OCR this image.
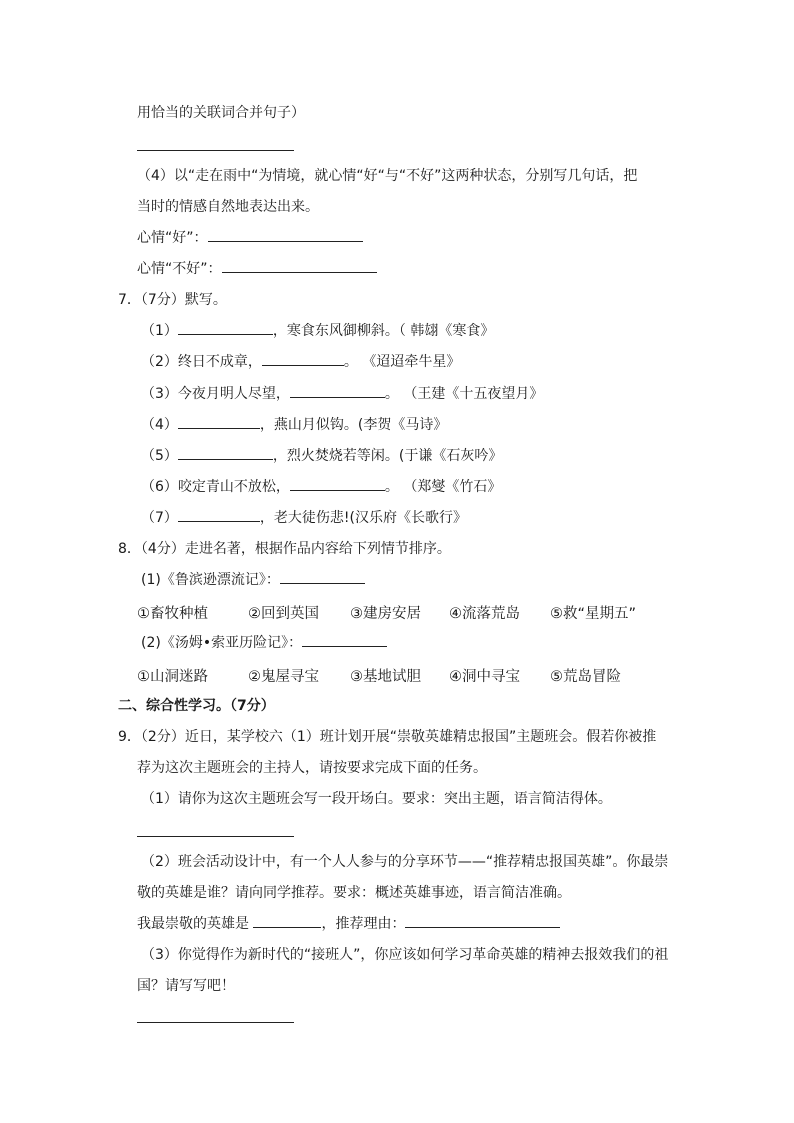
用恰当的关联词合并句子）
（4）以“走在雨中“为情境，就心情“好“与“不好”这两种状态，分别写几句话，把
当时的情感自然地表达出来。
心情“好”：
心情“不好”：
7．（7分）默写。
（1）	，寒食东风御柳斜。（ 韩翃《寒食》
（2）终日不成章，	。 《迢迢牵牛星》
（3）今夜月明人尽望，	。 （王建《十五夜望月》
（4）	，燕山月似钩。(李贺《马诗》
（5）	，烈火焚烧若等闲。(于谦《石灰吟》
（6）咬定青山不放松，	。 （郑燮《竹石》
（7）	，老大徒伤悲!(汉乐府《长歌行》
8．（4分）走进名著，根据作品内容给下列情节排序。
(1)《鲁滨逊漂流记》：
①畜牧种植	②回到英国	③建房安居	④流落荒岛	⑤救“星期五”
(2)《汤姆•索亚历险记》：
①山洞迷路	②鬼屋寻宝	③基地试胆	④洞中寻宝	⑤荒岛冒险
二、综合性学习。（7分）
9．（2分）近日，某学校六（1）班计划开展“崇敬英雄精忠报国”主题班会。假若你被推
荐为这次主题班会的主持人，请按要求完成下面的任务。
（1）请你为这次主题班会写一段开场白。要求：突出主题，语言简洁得体。
（2）班会活动设计中，有一个人人参与的分享环节——“推荐精忠报国英雄”。你最崇
敬的英雄是谁？请向同学推荐。要求：概述英雄事迹，语言简洁准确。
我最崇敬的英雄是	，推荐理由：
（3）你觉得作为新时代的“接班人”，你应该如何学习革命英雄的精神去报效我们的祖
国？请写写吧！
